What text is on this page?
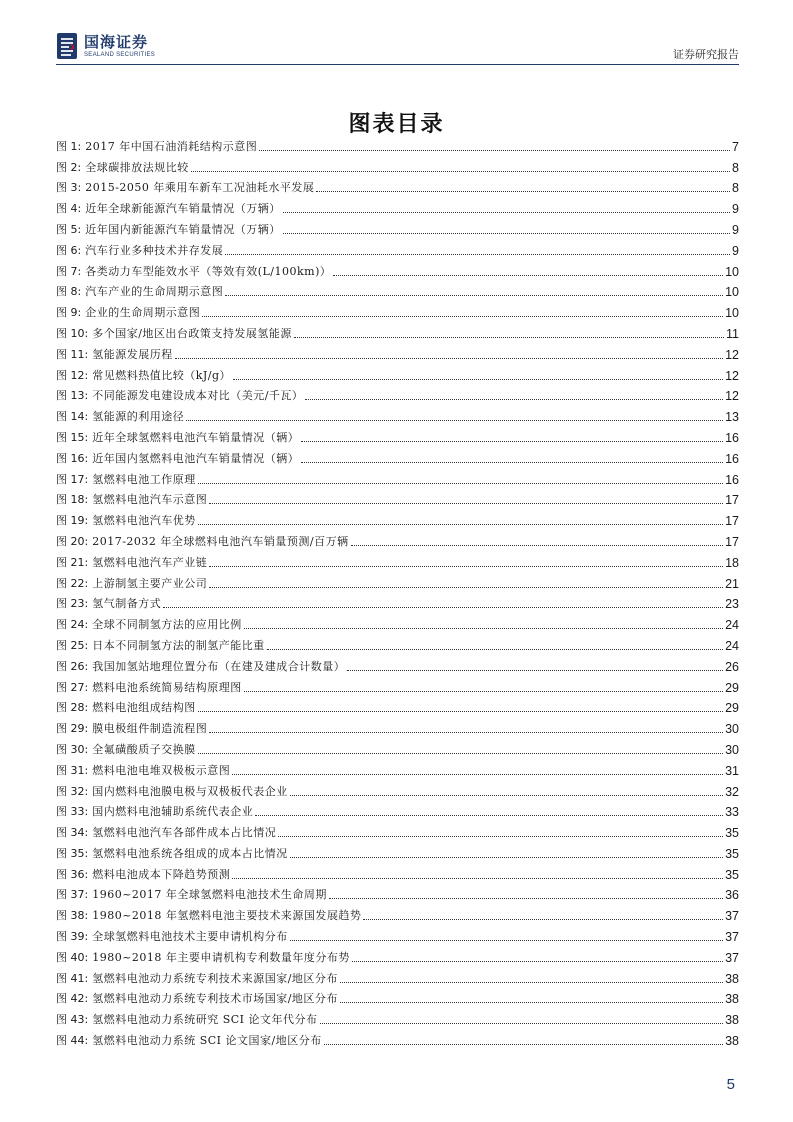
国海证券
SEALAND SECURITIES	证券研究报告
图表目录
图 1: 2017 年中国石油消耗结构示意图	7
图 2: 全球碳排放法规比较	8
图 3: 2015-2050 年乘用车新车工况油耗水平发展	8
图 4: 近年全球新能源汽车销量情况（万辆）	9
图 5: 近年国内新能源汽车销量情况（万辆）	9
图 6: 汽车行业多种技术并存发展	9
图 7: 各类动力车型能效水平（等效有效(L/100km)）	10
图 8: 汽车产业的生命周期示意图	10
图 9: 企业的生命周期示意图	10
图 10: 多个国家/地区出台政策支持发展氢能源	11
图 11: 氢能源发展历程	12
图 12: 常见燃料热值比较（kJ/g）	12
图 13: 不同能源发电建设成本对比（美元/千瓦）	12
图 14: 氢能源的利用途径	13
图 15: 近年全球氢燃料电池汽车销量情况（辆）	16
图 16: 近年国内氢燃料电池汽车销量情况（辆）	16
图 17: 氢燃料电池工作原理	16
图 18: 氢燃料电池汽车示意图	17
图 19: 氢燃料电池汽车优势	17
图 20: 2017-2032 年全球燃料电池汽车销量预测/百万辆	17
图 21: 氢燃料电池汽车产业链	18
图 22: 上游制氢主要产业公司	21
图 23: 氢气制备方式	23
图 24: 全球不同制氢方法的应用比例	24
图 25: 日本不同制氢方法的制氢产能比重	24
图 26: 我国加氢站地理位置分布（在建及建成合计数量）	26
图 27: 燃料电池系统简易结构原理图	29
图 28: 燃料电池组成结构图	29
图 29: 膜电极组件制造流程图	30
图 30: 全氟磺酸质子交换膜	30
图 31: 燃料电池电堆双极板示意图	31
图 32: 国内燃料电池膜电极与双极板代表企业	32
图 33: 国内燃料电池辅助系统代表企业	33
图 34: 氢燃料电池汽车各部件成本占比情况	35
图 35: 氢燃料电池系统各组成的成本占比情况	35
图 36: 燃料电池成本下降趋势预测	35
图 37: 1960~2017 年全球氢燃料电池技术生命周期	36
图 38: 1980~2018 年氢燃料电池主要技术来源国发展趋势	37
图 39: 全球氢燃料电池技术主要申请机构分布	37
图 40: 1980~2018 年主要申请机构专利数量年度分布势	37
图 41: 氢燃料电池动力系统专利技术来源国家/地区分布	38
图 42: 氢燃料电池动力系统专利技术市场国家/地区分布	38
图 43: 氢燃料电池动力系统研究 SCI 论文年代分布	38
图 44: 氢燃料电池动力系统 SCI 论文国家/地区分布	38
5
